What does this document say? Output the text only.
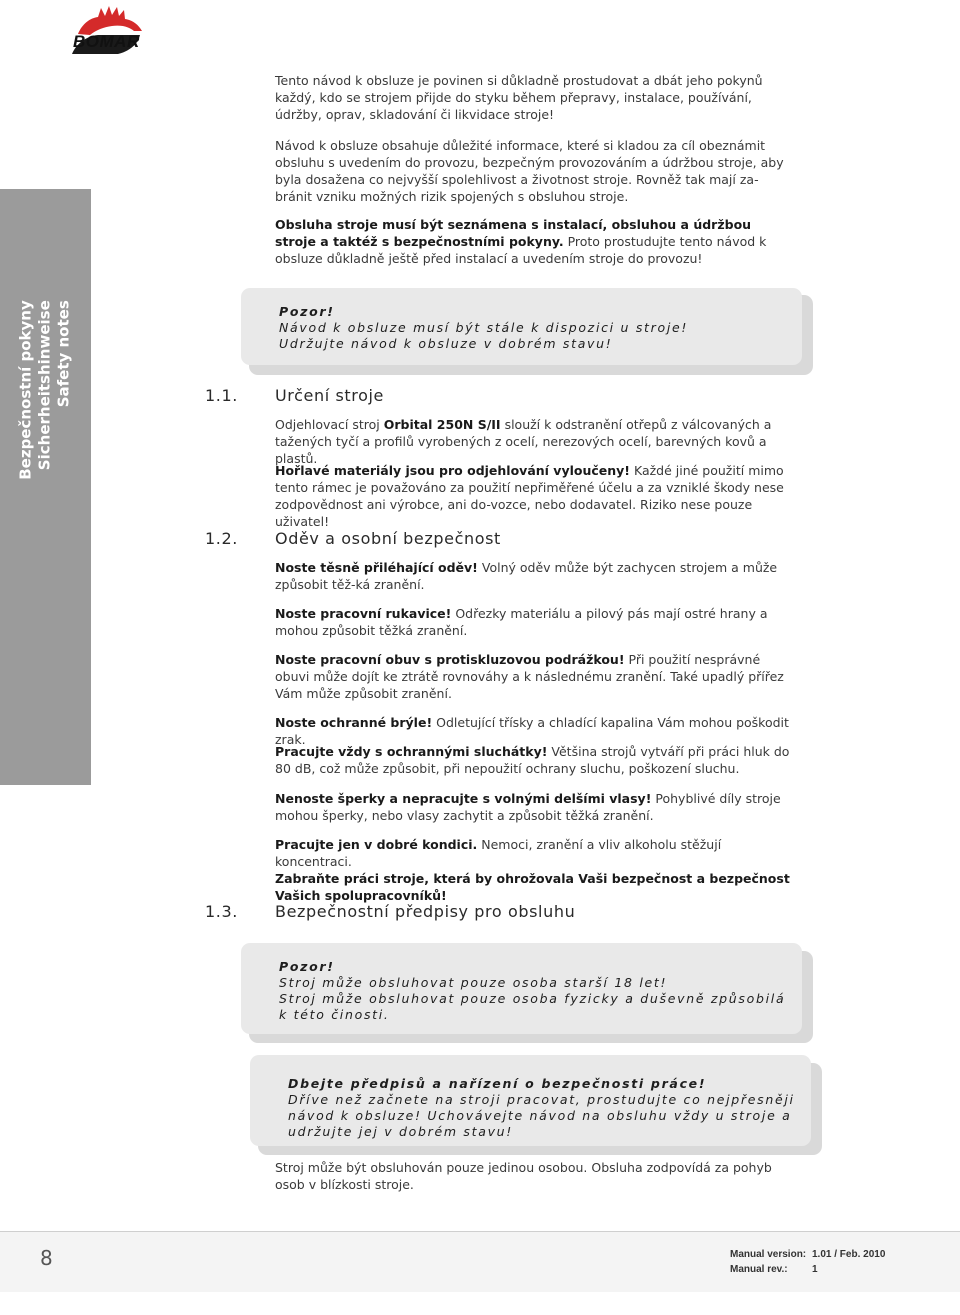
BOMAR
Bezpečnostní pokyny Sicherheitshinweise Safety notes

Tento návod k obsluze je povinen si důkladně prostudovat a dbát jeho pokynů každý, kdo se strojem přijde do styku během přepravy, instalace, používání, údržby, oprav, skladování či likvidace stroje!

Návod k obsluze obsahuje důležité informace, které si kladou za cíl obeznámit obsluhu s uvedením do provozu, bezpečným provozováním a údržbou stroje, aby byla dosažena co nejvyšší spolehlivost a životnost stroje. Rovněž tak mají za-bránit vzniku možných rizik spojených s obsluhou stroje.

Obsluha stroje musí být seznámena s instalací, obsluhou a údržbou stroje a taktéž s bezpečnostními pokyny. Proto prostudujte tento návod k obsluze důkladně ještě před instalací a uvedením stroje do provozu!

Pozor!
Návod k obsluze musí být stále k dispozici u stroje!
Udržujte návod k obsluze v dobrém stavu!
1.1. Určení stroje

Odjehlovací stroj Orbital 250N S/II slouží k odstranění otřepů z válcovaných a tažených tyčí a profilů vyrobených z ocelí, nerezových ocelí, barevných kovů a plastů.

Hořlavé materiály jsou pro odjehlování vyloučeny! Každé jiné použití mimo tento rámec je považováno za použití nepřiměřené účelu a za vzniklé škody nese zodpovědnost ani výrobce, ani do-vozce, nebo dodavatel. Riziko nese pouze uživatel!

1.2. Oděv a osobní bezpečnost

Noste těsně přiléhající oděv! Volný oděv může být zachycen strojem a může způsobit těž-ká zranění.

Noste pracovní rukavice! Odřezky materiálu a pilový pás mají ostré hrany a mohou způsobit těžká zranění.

Noste pracovní obuv s protiskluzovou podrážkou! Při použití nesprávné obuvi může dojít ke ztrátě rovnováhy a k následnému zranění. Také upadlý přířez Vám může způsobit zranění.

Noste ochranné brýle! Odletující třísky a chladící kapalina Vám mohou poškodit zrak.

Pracujte vždy s ochrannými sluchátky! Většina strojů vytváří při práci hluk do 80 dB, což může způsobit, při nepoužití ochrany sluchu, poškození sluchu.

Nenoste šperky a nepracujte s volnými delšími vlasy! Pohyblivé díly stroje mohou šperky, nebo vlasy zachytit a způsobit těžká zranění.

Pracujte jen v dobré kondici. Nemoci, zranění a vliv alkoholu stěžují koncentraci.
Zabraňte práci stroje, která by ohrožovala Vaši bezpečnost a bezpečnost Vašich spolupracovníků!

1.3. Bezpečnostní předpisy pro obsluhu
Pozor!
Stroj může obsluhovat pouze osoba starší 18 let!
Stroj může obsluhovat pouze osoba fyzicky a duševně způsobilá
k této činosti.
Dbejte předpisů a nařízení o bezpečnosti práce!
Dříve než začnete na stroji pracovat, prostudujte co nejpřesněji
návod k obsluze! Uchovávejte návod na obsluhu vždy u stroje a
udržujte jej v dobrém stavu!

Stroj může být obsluhován pouze jedinou osobou. Obsluha zodpovídá za pohyb osob v blízkosti stroje.

8	Manual version: 1.01 / Feb. 2010
Manual rev.: 1
